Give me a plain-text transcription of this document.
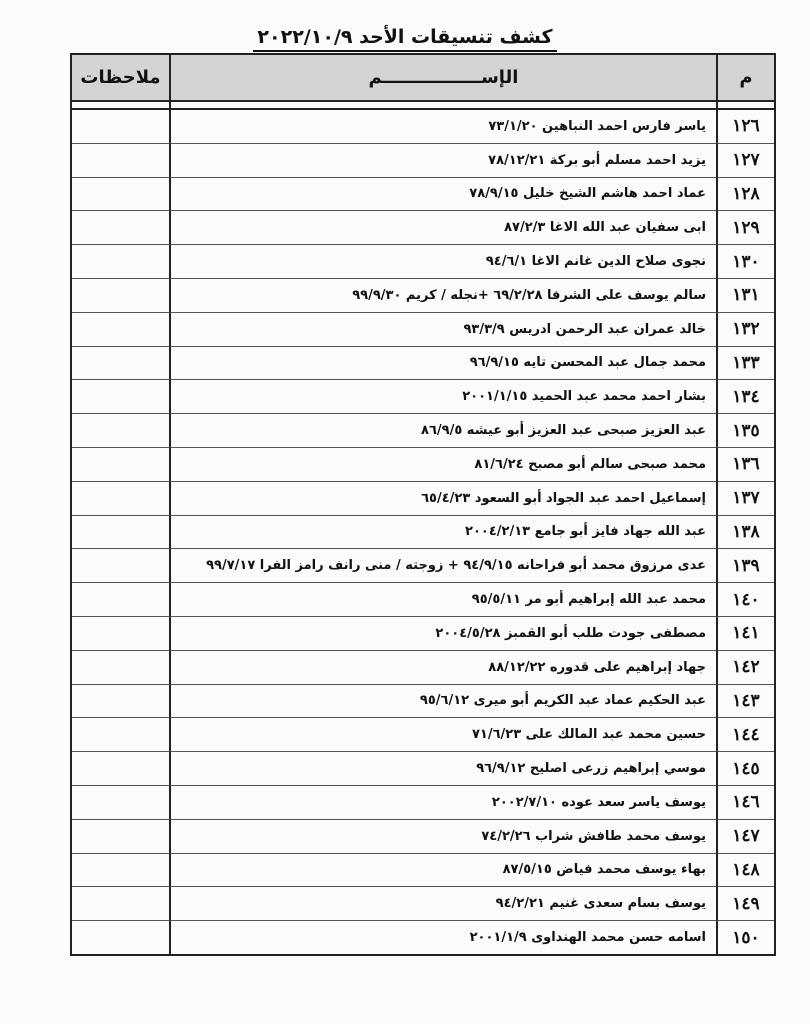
كشف تنسيقات الأحد ٢٠٢٢/١٠/٩
م	الإســــــــــــــــم	ملاحظات

١٢٦	ياسر فارس احمد النباهين ٧٣/١/٢٠	
١٢٧	يزيد احمد مسلم أبو بركة ٧٨/١٢/٢١	
١٢٨	عماد احمد هاشم الشيخ خليل ٧٨/٩/١٥	
١٢٩	ابى سفيان عبد الله الاغا ٨٧/٢/٣	
١٣٠	نجوى صلاح الدين غانم الاغا ٩٤/٦/١	
١٣١	سالم يوسف على الشرفا ٦٩/٢/٢٨ +نجله / كريم ٩٩/٩/٣٠	
١٣٢	خالد عمران عبد الرحمن ادريس ٩٣/٣/٩	
١٣٣	محمد جمال عبد المحسن تايه ٩٦/٩/١٥	
١٣٤	بشار احمد محمد عبد الحميد ٢٠٠١/١/١٥	
١٣٥	عبد العزيز صبحى عبد العزيز أبو عيشه ٨٦/٩/٥	
١٣٦	محمد صبحى سالم أبو مصبح ٨١/٦/٢٤	
١٣٧	إسماعيل احمد عبد الجواد أبو السعود ٦٥/٤/٢٣	
١٣٨	عبد الله جهاد فايز أبو جامع ٢٠٠٤/٢/١٣	
١٣٩	عدى مرزوق محمد أبو فراحانه ٩٤/٩/١٥ + زوجته / منى رانف رامز الفرا ٩٩/٧/١٧	
١٤٠	محمد عبد الله إبراهيم أبو مر ٩٥/٥/١١	
١٤١	مصطفى جودت طلب أبو القمبز ٢٠٠٤/٥/٢٨	
١٤٢	جهاد إبراهيم على قدوره ٨٨/١٢/٢٢	
١٤٣	عبد الحكيم عماد عبد الكريم أبو ميرى ٩٥/٦/١٢	
١٤٤	حسين محمد عبد المالك على ٧١/٦/٢٣	
١٤٥	موسي إبراهيم زرعى اصليح ٩٦/٩/١٢	
١٤٦	يوسف ياسر سعد عوده ٢٠٠٢/٧/١٠	
١٤٧	يوسف محمد طافش شراب ٧٤/٢/٢٦	
١٤٨	بهاء يوسف محمد فياض ٨٧/٥/١٥	
١٤٩	يوسف بسام سعدى غنيم ٩٤/٢/٢١	
١٥٠	اسامه حسن محمد الهنداوى ٢٠٠١/١/٩	
